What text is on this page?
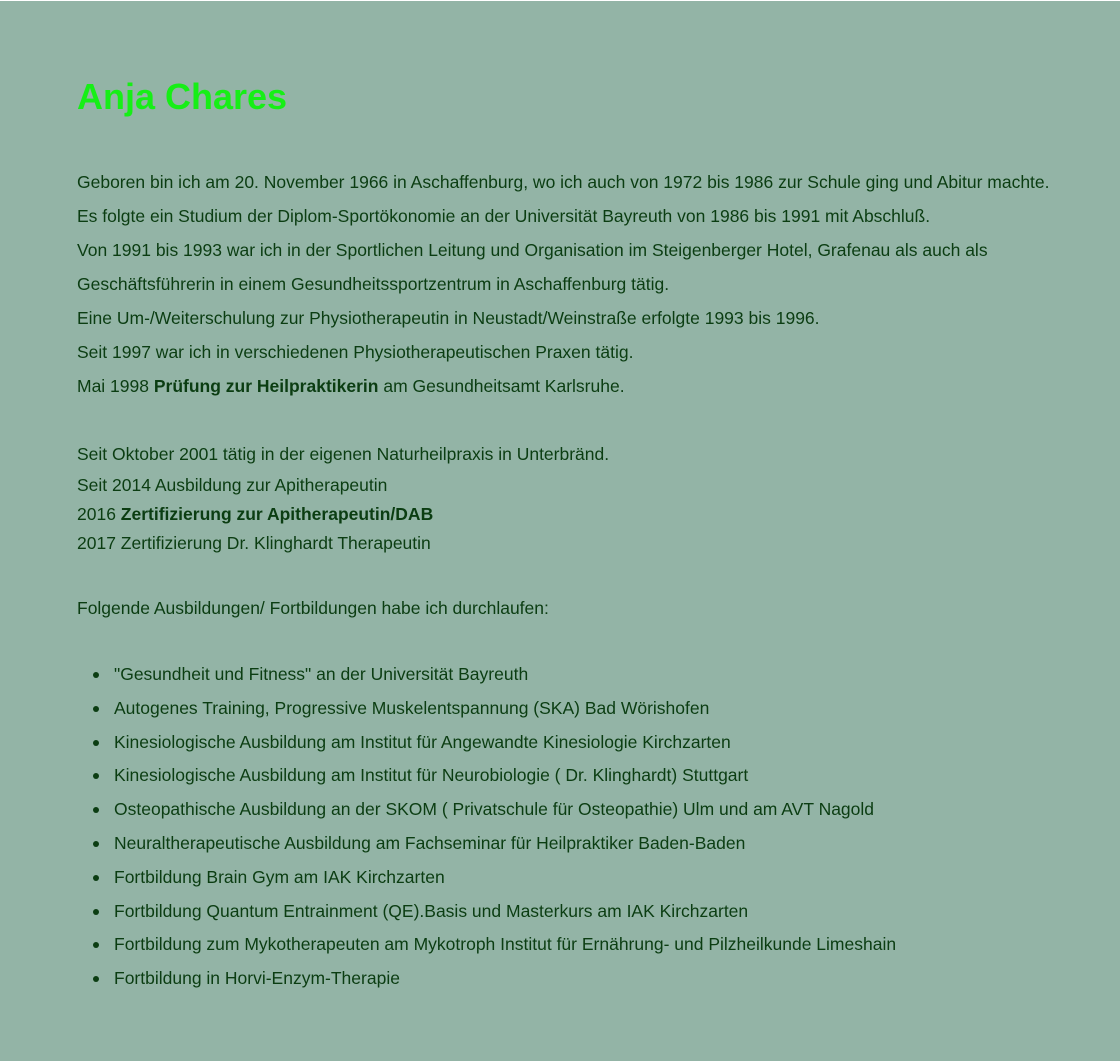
Anja Chares

Geboren bin ich am 20. November 1966 in Aschaffenburg, wo ich auch von 1972 bis 1986 zur Schule ging und Abitur machte.

Es folgte ein Studium der Diplom-Sportökonomie an der Universität Bayreuth von 1986 bis 1991 mit Abschluß.

Von 1991 bis 1993 war ich in der Sportlichen Leitung und Organisation im Steigenberger Hotel, Grafenau als auch als Geschäftsführerin in einem Gesundheitssportzentrum in Aschaffenburg tätig.

Eine Um-/Weiterschulung zur Physiotherapeutin in Neustadt/Weinstraße erfolgte 1993 bis 1996.

Seit 1997 war ich in verschiedenen Physiotherapeutischen Praxen tätig.

Mai 1998 Prüfung zur Heilpraktikerin am Gesundheitsamt Karlsruhe.

Seit Oktober 2001 tätig in der eigenen Naturheilpraxis in Unterbränd.

Seit 2014 Ausbildung zur Apitherapeutin

2016 Zertifizierung zur Apitherapeutin/DAB

2017 Zertifizierung Dr. Klinghardt Therapeutin

Folgende Ausbildungen/ Fortbildungen habe ich durchlaufen:
"Gesundheit und Fitness" an der Universität Bayreuth
Autogenes Training, Progressive Muskelentspannung (SKA) Bad Wörishofen
Kinesiologische Ausbildung am Institut für Angewandte Kinesiologie Kirchzarten
Kinesiologische Ausbildung am Institut für Neurobiologie ( Dr. Klinghardt) Stuttgart
Osteopathische Ausbildung an der SKOM ( Privatschule für Osteopathie) Ulm und am AVT Nagold
Neuraltherapeutische Ausbildung am Fachseminar für Heilpraktiker Baden-Baden
Fortbildung Brain Gym am IAK Kirchzarten
Fortbildung Quantum Entrainment (QE).Basis und Masterkurs am IAK Kirchzarten
Fortbildung zum Mykotherapeuten am Mykotroph Institut für Ernährung- und Pilzheilkunde Limeshain
Fortbildung in Horvi-Enzym-Therapie
